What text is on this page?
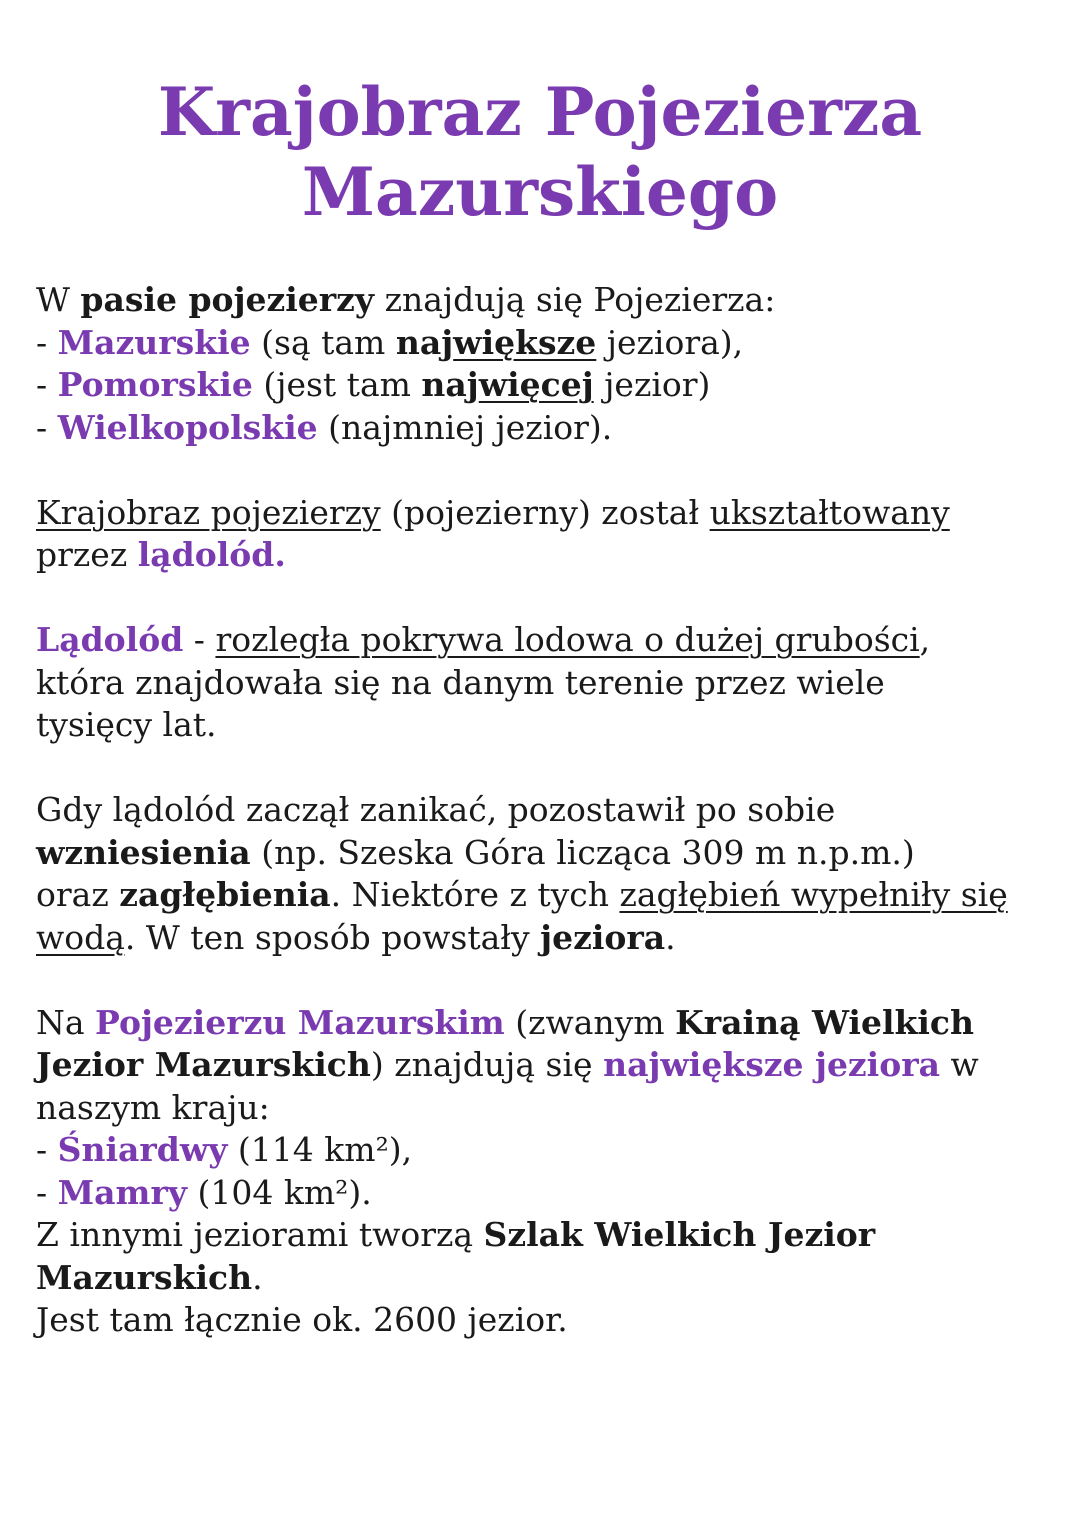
Krajobraz Pojezierza
Mazurskiego

W pasie pojezierzy znajdują się Pojezierza:

- Mazurskie (są tam największe jeziora),

- Pomorskie (jest tam najwięcej jezior)

- Wielkopolskie (najmniej jezior).

Krajobraz pojezierzy (pojezierny) został ukształtowany

przez lądolód.

Lądolód - rozległa pokrywa lodowa o dużej grubości,

która znajdowała się na danym terenie przez wiele

tysięcy lat.

Gdy lądolód zaczął zanikać, pozostawił po sobie

wzniesienia (np. Szeska Góra licząca 309 m n.p.m.)

oraz zagłębienia. Niektóre z tych zagłębień wypełniły się

wodą. W ten sposób powstały jeziora.

Na Pojezierzu Mazurskim (zwanym Krainą Wielkich

Jezior Mazurskich) znajdują się największe jeziora w

naszym kraju:

- Śniardwy (114 km²),

- Mamry (104 km²).

Z innymi jeziorami tworzą Szlak Wielkich Jezior

Mazurskich.

Jest tam łącznie ok. 2600 jezior.
